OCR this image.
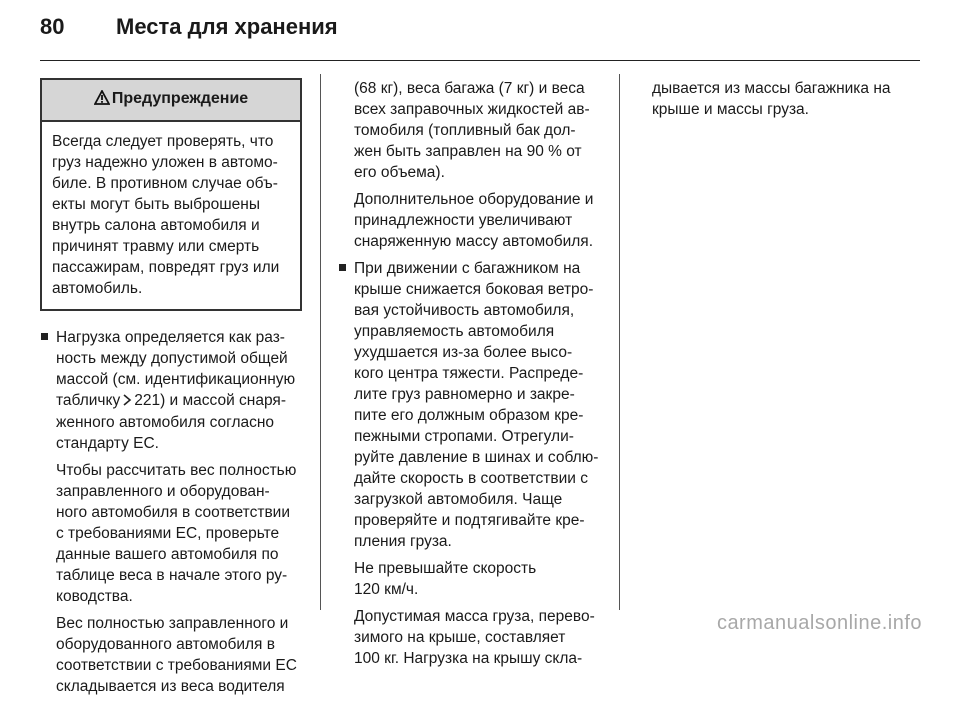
80 Места для хранения
Предупреждение
Всегда следует проверять, что
груз надежно уложен в автомо-
биле. В противном случае объ-
екты могут быть выброшены
внутрь салона автомобиля и
причинят травму или смерть
пассажирам, повредят груз или
автомобиль.
Нагрузка определяется как раз-
ность между допустимой общей
массой (см. идентификационную
табличку 221) и массой снаря-
женного автомобиля согласно
стандарту ЕС.
Чтобы рассчитать вес полностью
заправленного и оборудован-
ного автомобиля в соответствии
с требованиями ЕС, проверьте
данные вашего автомобиля по
таблице веса в начале этого ру-
ководства.
Вес полностью заправленного и
оборудованного автомобиля в
соответствии с требованиями ЕС
складывается из веса водителя
(68 кг), веса багажа (7 кг) и веса
всех заправочных жидкостей ав-
томобиля (топливный бак дол-
жен быть заправлен на 90 % от
его объема).
Дополнительное оборудование и
принадлежности увеличивают
снаряженную массу автомобиля.
При движении с багажником на
крыше снижается боковая ветро-
вая устойчивость автомобиля,
управляемость автомобиля
ухудшается из-за более высо-
кого центра тяжести. Распреде-
лите груз равномерно и закре-
пите его должным образом кре-
пежными стропами. Отрегули-
руйте давление в шинах и соблю-
дайте скорость в соответствии с
загрузкой автомобиля. Чаще
проверяйте и подтягивайте кре-
пления груза.
Не превышайте скорость
120 км/ч.
Допустимая масса груза, перево-
зимого на крыше, составляет
100 кг. Нагрузка на крышу скла-
дывается из массы багажника на
крыше и массы груза.
carmanualsonline.info
